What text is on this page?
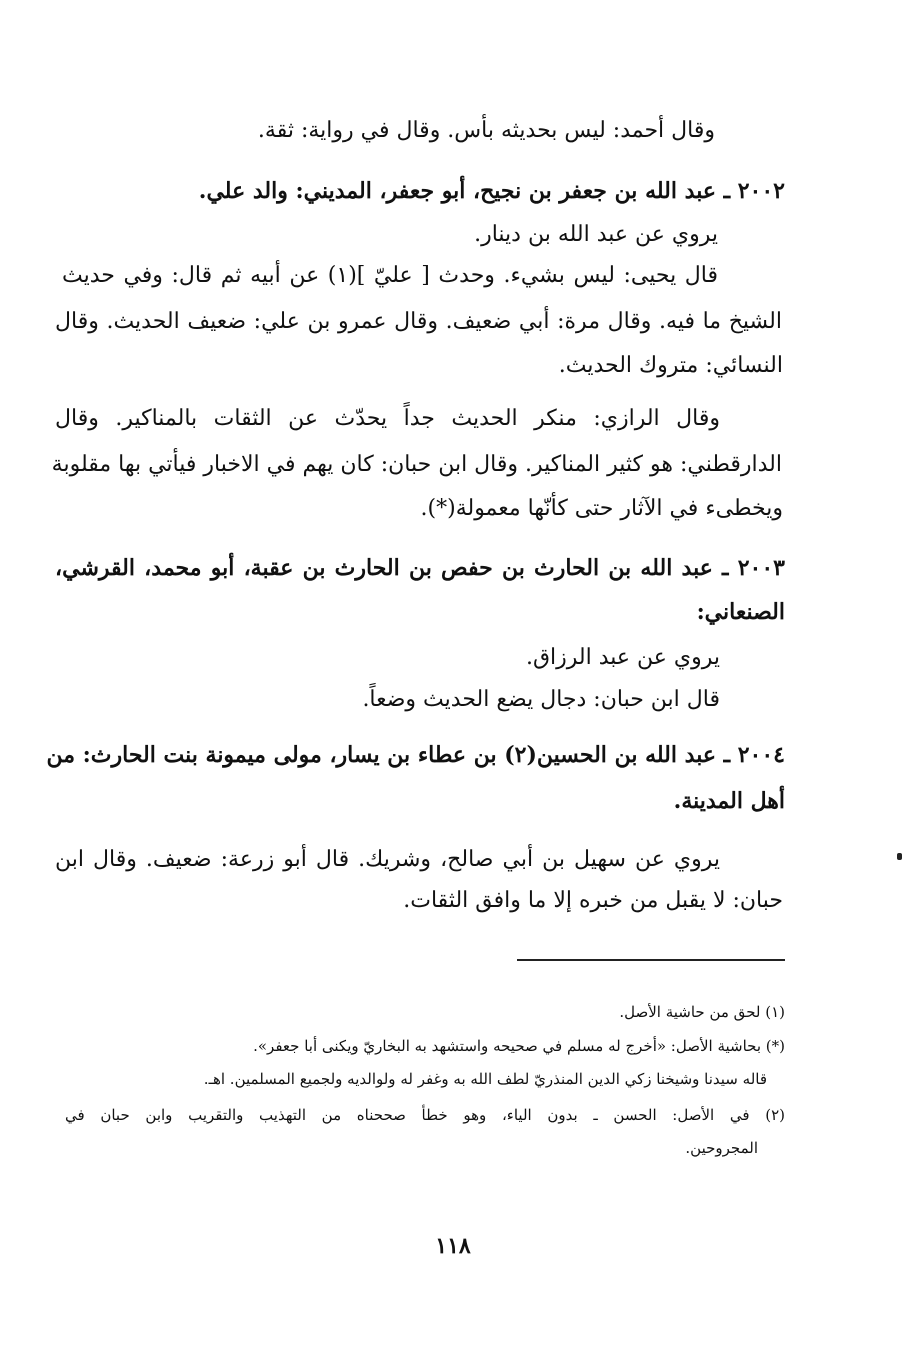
وقال أحمد: ليس بحديثه بأس. وقال في رواية: ثقة.
٢٠٠٢ ـ عبد الله بن جعفر بن نجيح، أبو جعفر، المديني: والد علي.
يروي عن عبد الله بن دينار.
قال يحيى: ليس بشيء. وحدث [ عليّ ](١) عن أبيه ثم قال: وفي حديث
الشيخ ما فيه. وقال مرة: أبي ضعيف. وقال عمرو بن علي: ضعيف الحديث. وقال
النسائي: متروك الحديث.
وقال الرازي: منكر الحديث جداً يحدّث عن الثقات بالمناكير. وقال
الدارقطني: هو كثير المناكير. وقال ابن حبان: كان يهم في الاخبار فيأتي بها مقلوبة
ويخطىء في الآثار حتى كأنّها معمولة(*).
٢٠٠٣ ـ عبد الله بن الحارث بن حفص بن الحارث بن عقبة، أبو محمد، القرشي،
الصنعاني:
يروي عن عبد الرزاق.
قال ابن حبان: دجال يضع الحديث وضعاً.
٢٠٠٤ ـ عبد الله بن الحسين(٢) بن عطاء بن يسار، مولى ميمونة بنت الحارث: من
أهل المدينة.
يروي عن سهيل بن أبي صالح، وشريك. قال أبو زرعة: ضعيف. وقال ابن
حبان: لا يقبل من خبره إلا ما وافق الثقات.
(١) لحق من حاشية الأصل.
(*) بحاشية الأصل: «أخرج له مسلم في صحيحه واستشهد به البخاريّ ويكنى أبا جعفر».
قاله سيدنا وشيخنا زكي الدين المنذريّ لطف الله به وغفر له ولوالديه ولجميع المسلمين. اهـ.
(٢) في الأصل: الحسن ـ بدون الياء، وهو خطأ صححناه من التهذيب والتقريب وابن حبان في
المجروحين.
١١٨
